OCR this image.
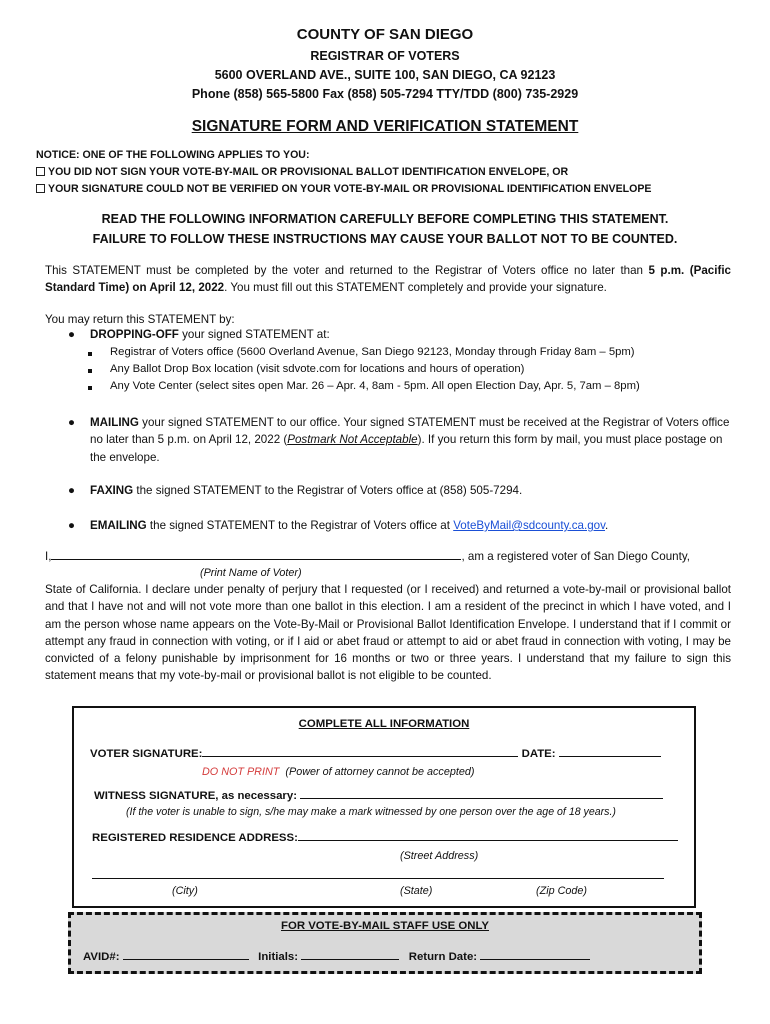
COUNTY OF SAN DIEGO
REGISTRAR OF VOTERS
5600 OVERLAND AVE., SUITE 100, SAN DIEGO, CA 92123
Phone (858) 565-5800 Fax (858) 505-7294 TTY/TDD (800) 735-2929
SIGNATURE FORM AND VERIFICATION STATEMENT
NOTICE: ONE OF THE FOLLOWING APPLIES TO YOU:
YOU DID NOT SIGN YOUR VOTE-BY-MAIL OR PROVISIONAL BALLOT IDENTIFICATION ENVELOPE, OR
YOUR SIGNATURE COULD NOT BE VERIFIED ON YOUR VOTE-BY-MAIL OR PROVISIONAL IDENTIFICATION ENVELOPE
READ THE FOLLOWING INFORMATION CAREFULLY BEFORE COMPLETING THIS STATEMENT.
FAILURE TO FOLLOW THESE INSTRUCTIONS MAY CAUSE YOUR BALLOT NOT TO BE COUNTED.
This STATEMENT must be completed by the voter and returned to the Registrar of Voters office no later than 5 p.m. (Pacific Standard Time) on April 12, 2022. You must fill out this STATEMENT completely and provide your signature.
You may return this STATEMENT by:
● DROPPING-OFF your signed STATEMENT at:
Registrar of Voters office (5600 Overland Avenue, San Diego 92123, Monday through Friday 8am – 5pm)
Any Ballot Drop Box location (visit sdvote.com for locations and hours of operation)
Any Vote Center (select sites open Mar. 26 – Apr. 4, 8am - 5pm. All open Election Day, Apr. 5, 7am – 8pm)
● MAILING your signed STATEMENT to our office. Your signed STATEMENT must be received at the Registrar of Voters office no later than 5 p.m. on April 12, 2022 (Postmark Not Acceptable). If you return this form by mail, you must place postage on the envelope.
● FAXING the signed STATEMENT to the Registrar of Voters office at (858) 505-7294.
● EMAILING the signed STATEMENT to the Registrar of Voters office at VoteByMail@sdcounty.ca.gov.
I,	, am a registered voter of San Diego County,
(Print Name of Voter)
State of California. I declare under penalty of perjury that I requested (or I received) and returned a vote-by-mail or provisional ballot and that I have not and will not vote more than one ballot in this election. I am a resident of the precinct in which I have voted, and I am the person whose name appears on the Vote-By-Mail or Provisional Ballot Identification Envelope. I understand that if I commit or attempt any fraud in connection with voting, or if I aid or abet fraud or attempt to aid or abet fraud in connection with voting, I may be convicted of a felony punishable by imprisonment for 16 months or two or three years. I understand that my failure to sign this statement means that my vote-by-mail or provisional ballot is not eligible to be counted.
COMPLETE ALL INFORMATION
VOTER SIGNATURE:	DATE:
DO NOT PRINT (Power of attorney cannot be accepted)
WITNESS SIGNATURE, as necessary:
(If the voter is unable to sign, s/he may make a mark witnessed by one person over the age of 18 years.)
REGISTERED RESIDENCE ADDRESS:
(Street Address)
(City)	(State)	(Zip Code)
FOR VOTE-BY-MAIL STAFF USE ONLY
AVID#:	Initials:	Return Date:
